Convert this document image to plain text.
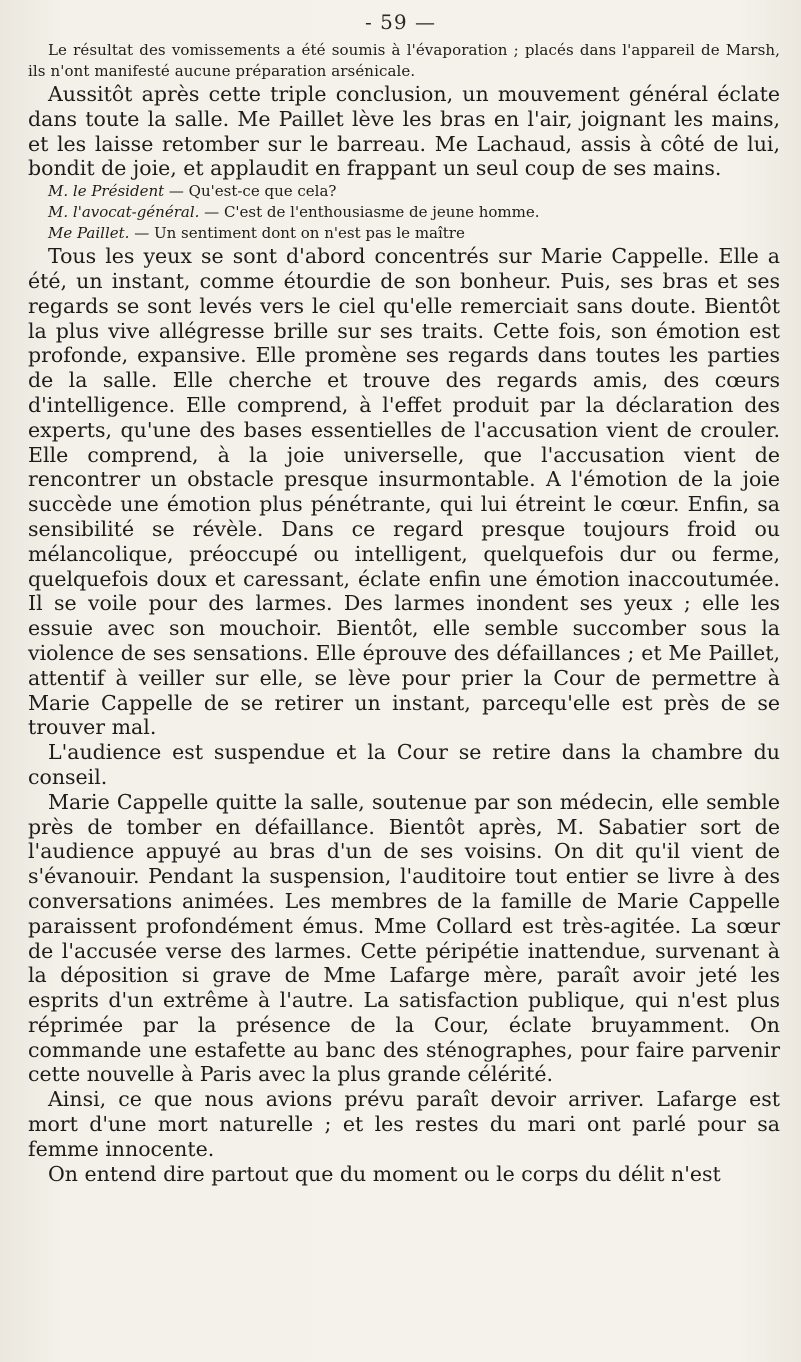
- 59 —

Le résultat des vomissements a été soumis à l'évaporation ; placés dans l'appareil de Marsh, ils n'ont manifesté aucune préparation arsénicale.

Aussitôt après cette triple conclusion, un mouvement général éclate dans toute la salle. Me Paillet lève les bras en l'air, joignant les mains, et les laisse retomber sur le barreau. Me Lachaud, assis à côté de lui, bondit de joie, et applaudit en frappant un seul coup de ses mains.

M. le Président — Qu'est-ce que cela?

M. l'avocat-général. — C'est de l'enthousiasme de jeune homme.

Me Paillet. — Un sentiment dont on n'est pas le maître

Tous les yeux se sont d'abord concentrés sur Marie Cappelle. Elle a été, un instant, comme étourdie de son bonheur. Puis, ses bras et ses regards se sont levés vers le ciel qu'elle remerciait sans doute. Bientôt la plus vive allégresse brille sur ses traits. Cette fois, son émotion est profonde, expansive. Elle promène ses regards dans toutes les parties de la salle. Elle cherche et trouve des regards amis, des cœurs d'intelligence. Elle comprend, à l'effet produit par la déclaration des experts, qu'une des bases essentielles de l'accusation vient de crouler. Elle comprend, à la joie universelle, que l'accusation vient de rencontrer un obstacle presque insurmontable. A l'émotion de la joie succède une émotion plus pénétrante, qui lui étreint le cœur. Enfin, sa sensibilité se révèle. Dans ce regard presque toujours froid ou mélancolique, préoccupé ou intelligent, quelquefois dur ou ferme, quelquefois doux et caressant, éclate enfin une émotion inaccoutumée. Il se voile pour des larmes. Des larmes inondent ses yeux ; elle les essuie avec son mouchoir. Bientôt, elle semble succomber sous la violence de ses sensations. Elle éprouve des défaillances ; et Me Paillet, attentif à veiller sur elle, se lève pour prier la Cour de permettre à Marie Cappelle de se retirer un instant, parcequ'elle est près de se trouver mal.

L'audience est suspendue et la Cour se retire dans la chambre du conseil.

Marie Cappelle quitte la salle, soutenue par son médecin, elle semble près de tomber en défaillance. Bientôt après, M. Sabatier sort de l'audience appuyé au bras d'un de ses voisins. On dit qu'il vient de s'évanouir. Pendant la suspension, l'auditoire tout entier se livre à des conversations animées. Les membres de la famille de Marie Cappelle paraissent profondément émus. Mme Collard est très-agitée. La sœur de l'accusée verse des larmes. Cette péripétie inattendue, survenant à la déposition si grave de Mme Lafarge mère, paraît avoir jeté les esprits d'un extrême à l'autre. La satisfaction publique, qui n'est plus réprimée par la présence de la Cour, éclate bruyamment. On commande une estafette au banc des sténographes, pour faire parvenir cette nouvelle à Paris avec la plus grande célérité.

Ainsi, ce que nous avions prévu paraît devoir arriver. Lafarge est mort d'une mort naturelle ; et les restes du mari ont parlé pour sa femme innocente.

On entend dire partout que du moment ou le corps du délit n'est
